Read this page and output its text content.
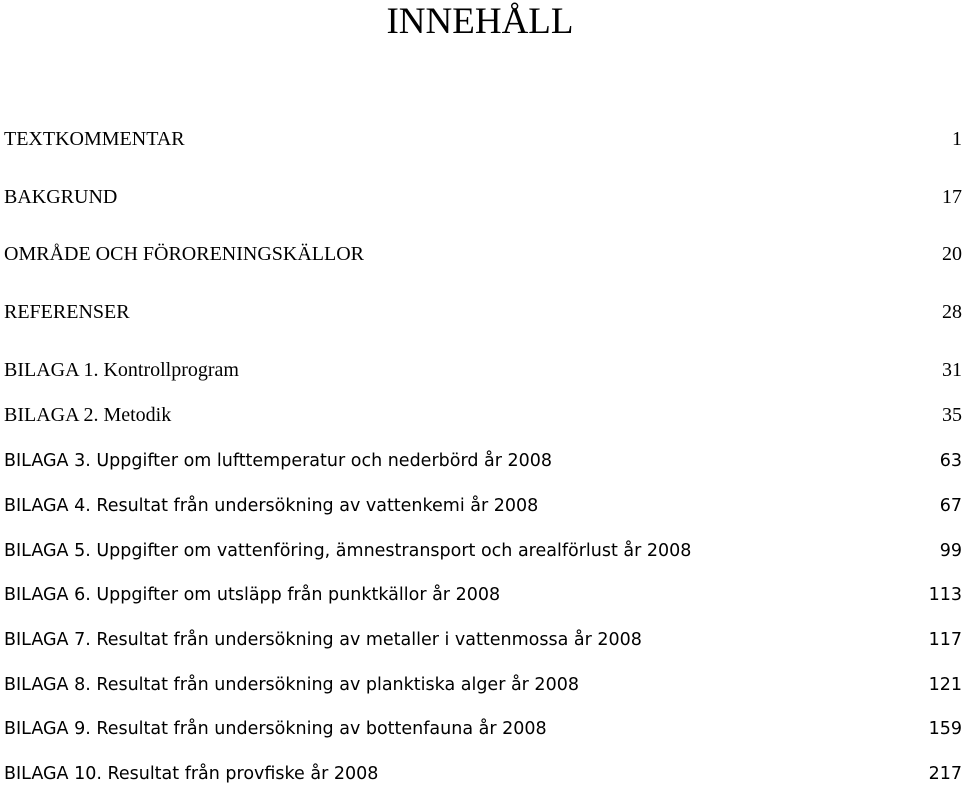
INNEHÅLL
TEXTKOMMENTAR	1
BAKGRUND	17
OMRÅDE OCH FÖRORENINGSKÄLLOR	20
REFERENSER	28
BILAGA 1. Kontrollprogram	31
BILAGA 2. Metodik	35
BILAGA 3. Uppgifter om lufttemperatur och nederbörd år 2008	63
BILAGA 4. Resultat från undersökning av vattenkemi år 2008	67
BILAGA 5. Uppgifter om vattenföring, ämnestransport och arealförlust år 2008	99
BILAGA 6. Uppgifter om utsläpp från punktkällor år 2008	113
BILAGA 7. Resultat från undersökning av metaller i vattenmossa år 2008	117
BILAGA 8. Resultat från undersökning av planktiska alger år 2008	121
BILAGA 9. Resultat från undersökning av bottenfauna år 2008	159
BILAGA 10. Resultat från provfiske år 2008	217
